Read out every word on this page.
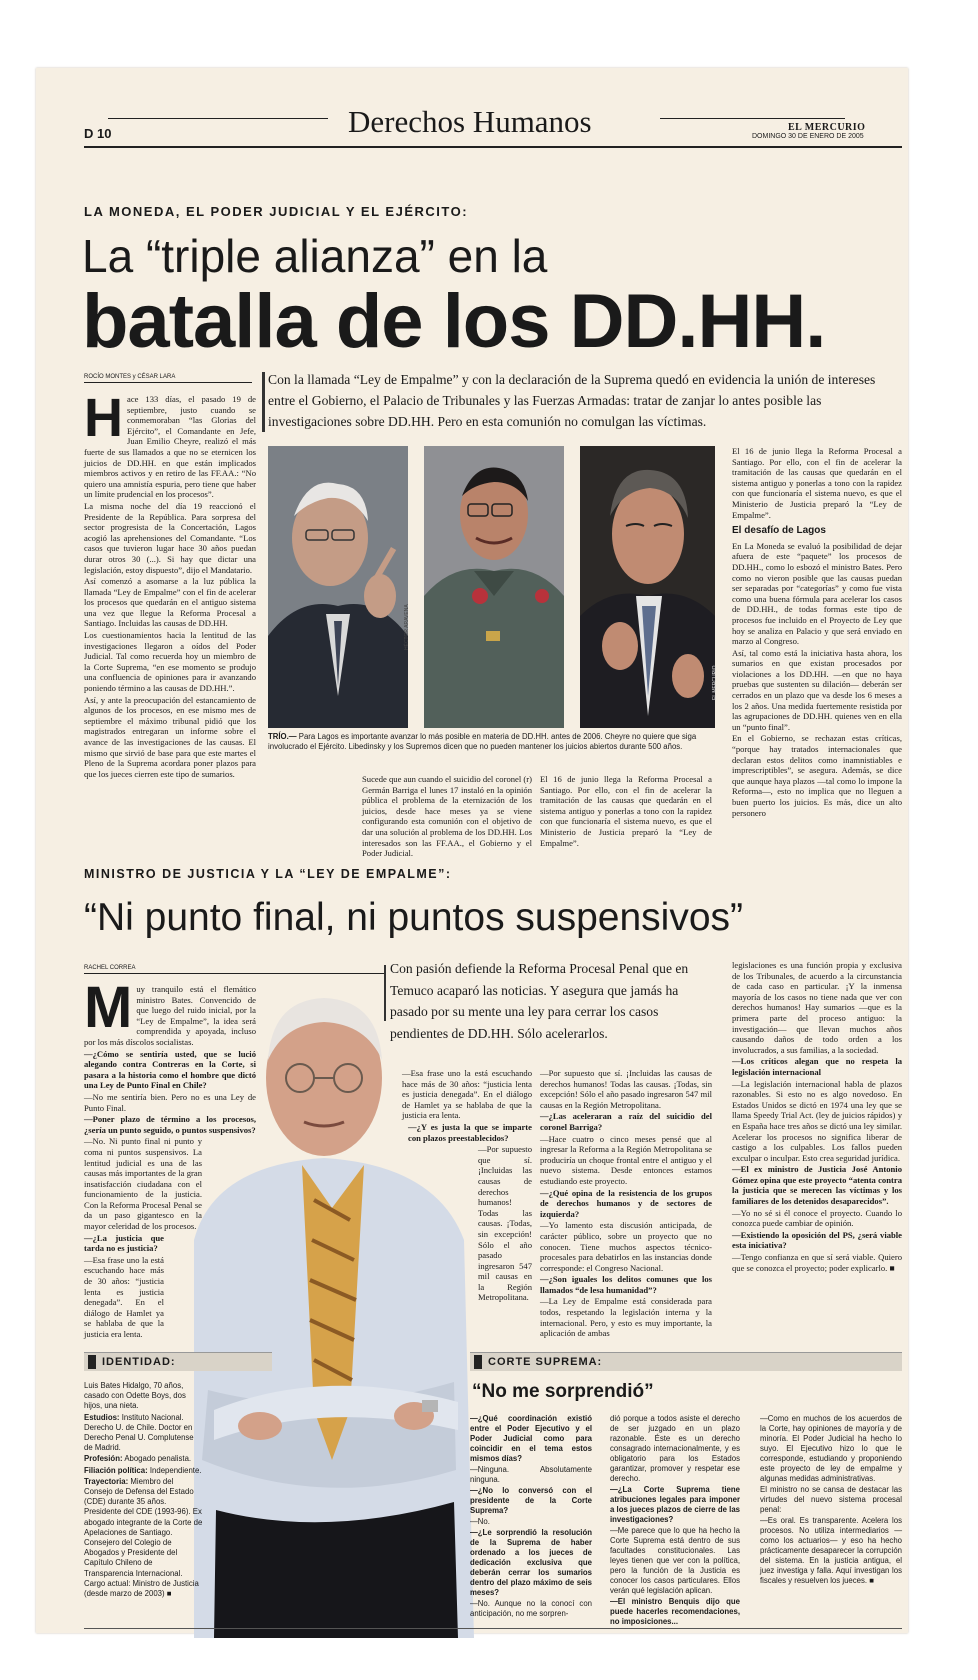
D 10	Derechos Humanos	EL MERCURIO
DOMINGO 30 DE ENERO DE 2005
LA MONEDA, EL PODER JUDICIAL Y EL EJÉRCITO:
La “triple alianza” en la
batalla de los DD.HH.
ROCÍO MONTES y CÉSAR LARA	Con la llamada “Ley de Empalme” y con la declaración de la Suprema quedó en evidencia la unión de intereses entre el Gobierno, el Palacio de Tribunales y las Fuerzas Armadas: tratar de zanjar lo antes posible las investigaciones sobre DD.HH. Pero en esta comunión no comulgan las víctimas.
H ace 133 días, el pasado 19 de septiembre, justo cuando se conmemoraban “las Glorias del Ejército”, el Comandante en Jefe, Juan Emilio Cheyre, realizó el más fuerte de sus llamados a que no se eternicen los juicios de DD.HH. en que están implicados miembros activos y en retiro de las FF.AA.: “No quiero una amnistía espuria, pero tiene que haber un límite prudencial en los procesos”.

La misma noche del día 19 reaccionó el Presidente de la República. Para sorpresa del sector progresista de la Concertación, Lagos acogió las aprehensiones del Comandante. “Los casos que tuvieron lugar hace 30 años puedan durar otros 30 (...). Si hay que dictar una legislación, estoy dispuesto”, dijo el Mandatario.

Así comenzó a asomarse a la luz pública la llamada “Ley de Empalme” con el fin de acelerar los procesos que quedarán en el antiguo sistema una vez que llegue la Reforma Procesal a Santiago. Incluidas las causas de DD.HH.

Los cuestionamientos hacia la lentitud de las investigaciones llegaron a oídos del Poder Judicial. Tal como recuerda hoy un miembro de la Corte Suprema, “en ese momento se produjo una confluencia de opiniones para ir avanzando poniendo término a las causas de DD.HH.”.

Así, y ante la preocupación del estancamiento de algunos de los procesos, en ese mismo mes de septiembre el máximo tribunal pidió que los magistrados entregaran un informe sobre el avance de las investigaciones de las causas. El mismo que sirvió de base para que este martes el Pleno de la Suprema acordara poner plazos para que los jueces cierren este tipo de sumarios.

HÉCTOR ARAVENA
EL MERCURIO
TRÍO.— Para Lagos es importante avanzar lo más posible en materia de DD.HH. antes de 2006. Cheyre no quiere que siga involucrado el Ejército. Libedinsky y los Supremos dicen que no pueden mantener los juicios abiertos durante 500 años.

Sucede que aun cuando el suicidio del coronel (r) Germán Barriga el lunes 17 instaló en la opinión pública el problema de la eternización de los juicios, desde hace meses ya se viene configurando esta comunión con el objetivo de dar una solución al problema de los DD.HH. Los interesados son las FF.AA., el Gobierno y el Poder Judicial.

El 16 de junio llega la Reforma Procesal a Santiago. Por ello, con el fin de acelerar la tramitación de las causas que quedarán en el sistema antiguo y ponerlas a tono con la rapidez con que funcionaría el sistema nuevo, es que el Ministerio de Justicia preparó la “Ley de Empalme”.

El 16 de junio llega la Reforma Procesal a Santiago. Por ello, con el fin de acelerar la tramitación de las causas que quedarán en el sistema antiguo y ponerlas a tono con la rapidez con que funcionaría el sistema nuevo, es que el Ministerio de Justicia preparó la “Ley de Empalme”.

El desafío de Lagos

En La Moneda se evaluó la posibilidad de dejar afuera de este “paquete” los procesos de DD.HH., como lo esbozó el ministro Bates. Pero como no vieron posible que las causas puedan ser separadas por “categorías” y como fue vista como una buena fórmula para acelerar los casos de DD.HH., de todas formas este tipo de procesos fue incluido en el Proyecto de Ley que hoy se analiza en Palacio y que será enviado en marzo al Congreso.

Así, tal como está la iniciativa hasta ahora, los sumarios en que existan procesados por violaciones a los DD.HH. —en que no haya pruebas que sustenten su dilación— deberán ser cerrados en un plazo que va desde los 6 meses a los 2 años. Una medida fuertemente resistida por las agrupaciones de DD.HH. quienes ven en ella un “punto final”.

En el Gobierno, se rechazan estas críticas, “porque hay tratados internacionales que declaran estos delitos como inamnistiables e imprescriptibles”, se asegura. Además, se dice que aunque haya plazos —tal como lo impone la Reforma—, esto no implica que no lleguen a buen puerto los juicios. Es más, dice un alto personero

MINISTRO DE JUSTICIA Y LA “LEY DE EMPALME”:
“Ni punto final, ni puntos suspensivos”
RACHEL CORREA	Con pasión defiende la Reforma Procesal Penal que en Temuco acaparó las noticias. Y asegura que jamás ha pasado por su mente una ley para cerrar los casos pendientes de DD.HH. Sólo acelerarlos.
M uy tranquilo está el flemático ministro Bates. Convencido de que luego del ruido inicial, por la “Ley de Empalme”, la idea será comprendida y apoyada, incluso por los más díscolos socialistas.

—¿Cómo se sentiría usted, que se lució alegando contra Contreras en la Corte, si pasara a la historia como el hombre que dictó una Ley de Punto Final en Chile?

—No me sentiría bien. Pero no es una Ley de Punto Final.

—Poner plazo de término a los procesos, ¿sería un punto seguido, o puntos suspensivos?

—No. Ni punto final ni punto y coma ni puntos suspensivos. La lentitud judicial es una de las causas más importantes de la gran insatisfacción ciudadana con el funcionamiento de la justicia. Con la Reforma Procesal Penal se da un paso gigantesco en la mayor celeridad de los procesos.

—¿La justicia que tarda no es justicia?

—Esa frase uno la está escuchando hace más de 30 años: “justicia lenta es justicia denegada”. En el diálogo de Hamlet ya se hablaba de que la justicia era lenta.

—Esa frase uno la está escuchando hace más de 30 años: “justicia lenta es justicia denegada”. En el diálogo de Hamlet ya se hablaba de que la justicia era lenta.

—¿Y es justa la que se imparte con plazos preestablecidos?

—Por supuesto que sí. ¡Incluidas las causas de derechos humanos! Todas las causas. ¡Todas, sin excepción! Sólo el año pasado ingresaron 547 mil causas en la Región Metropolitana.

—Por supuesto que sí. ¡Incluidas las causas de derechos humanos! Todas las causas. ¡Todas, sin excepción! Sólo el año pasado ingresaron 547 mil causas en la Región Metropolitana.

—¿Las aceleraran a raíz del suicidio del coronel Barriga?

—Hace cuatro o cinco meses pensé que al ingresar la Reforma a la Región Metropolitana se produciría un choque frontal entre el antiguo y el nuevo sistema. Desde entonces estamos estudiando este proyecto.

—¿Qué opina de la resistencia de los grupos de derechos humanos y de sectores de izquierda?

—Yo lamento esta discusión anticipada, de carácter público, sobre un proyecto que no conocen. Tiene muchos aspectos técnico-procesales para debatirlos en las instancias donde corresponde: el Congreso Nacional.

—¿Son iguales los delitos comunes que los llamados “de lesa humanidad”?

—La Ley de Empalme está considerada para todos, respetando la legislación interna y la internacional. Pero, y esto es muy importante, la aplicación de ambas

legislaciones es una función propia y exclusiva de los Tribunales, de acuerdo a la circunstancia de cada caso en particular. ¡Y la inmensa mayoría de los casos no tiene nada que ver con derechos humanos! Hay sumarios —que es la primera parte del proceso antiguo: la investigación— que llevan muchos años causando daños de todo orden a los involucrados, a sus familias, a la sociedad.

—Los críticos alegan que no respeta la legislación internacional

—La legislación internacional habla de plazos razonables. Si esto no es algo novedoso. En Estados Unidos se dictó en 1974 una ley que se llama Speedy Trial Act. (ley de juicios rápidos) y en España hace tres años se dictó una ley similar. Acelerar los procesos no significa liberar de castigo a los culpables. Los fallos pueden exculpar o inculpar. Esto crea seguridad jurídica.

—El ex ministro de Justicia José Antonio Gómez opina que este proyecto “atenta contra la justicia que se merecen las víctimas y los familiares de los detenidos desaparecidos”.

—Yo no sé si él conoce el proyecto. Cuando lo conozca puede cambiar de opinión.

—Existiendo la oposición del PS, ¿será viable esta iniciativa?

—Tengo confianza en que sí será viable. Quiero que se conozca el proyecto; poder explicarlo. ■

IDENTIDAD:

Luis Bates Hidalgo, 70 años, casado con Odette Boys, dos hijos, una nieta.

Estudios: Instituto Nacional. Derecho U. de Chile. Doctor en Derecho Penal U. Complutense de Madrid.

Profesión: Abogado penalista.

Filiación política: Independiente.

Trayectoria: Miembro del Consejo de Defensa del Estado (CDE) durante 35 años. Presidente del CDE (1993-96). Ex abogado integrante de la Corte de Apelaciones de Santiago. Consejero del Colegio de Abogados y Presidente del Capítulo Chileno de Transparencia Internacional. Cargo actual: Ministro de Justicia (desde marzo de 2003) ■

CORTE SUPREMA:
“No me sorprendió”

—¿Qué coordinación existió entre el Poder Ejecutivo y el Poder Judicial como para coincidir en el tema estos mismos días?

—Ninguna. Absolutamente ninguna.

—¿No lo conversó con el presidente de la Corte Suprema?

—No.

—¿Le sorprendió la resolución de la Suprema de haber ordenado a los jueces de dedicación exclusiva que deberán cerrar los sumarios dentro del plazo máximo de seis meses?

—No. Aunque no la conocí con anticipación, no me sorpren-

dió porque a todos asiste el derecho de ser juzgado en un plazo razonable. Éste es un derecho consagrado internacionalmente, y es obligatorio para los Estados garantizar, promover y respetar ese derecho.

—¿La Corte Suprema tiene atribuciones legales para imponer a los jueces plazos de cierre de las investigaciones?

—Me parece que lo que ha hecho la Corte Suprema está dentro de sus facultades constitucionales. Las leyes tienen que ver con la política, pero la función de la Justicia es conocer los casos particulares. Ellos verán qué legislación aplican.

—El ministro Benquis dijo que puede hacerles recomendaciones, no imposiciones...

—Como en muchos de los acuerdos de la Corte, hay opiniones de mayoría y de minoría. El Poder Judicial ha hecho lo suyo. El Ejecutivo hizo lo que le corresponde, estudiando y proponiendo este proyecto de ley de empalme y algunas medidas administrativas.

El ministro no se cansa de destacar las virtudes del nuevo sistema procesal penal:

—Es oral. Es transparente. Acelera los procesos. No utiliza intermediarios —como los actuarios— y eso ha hecho prácticamente desaparecer la corrupción del sistema. En la justicia antigua, el juez investiga y falla. Aquí investigan los fiscales y resuelven los jueces. ■
